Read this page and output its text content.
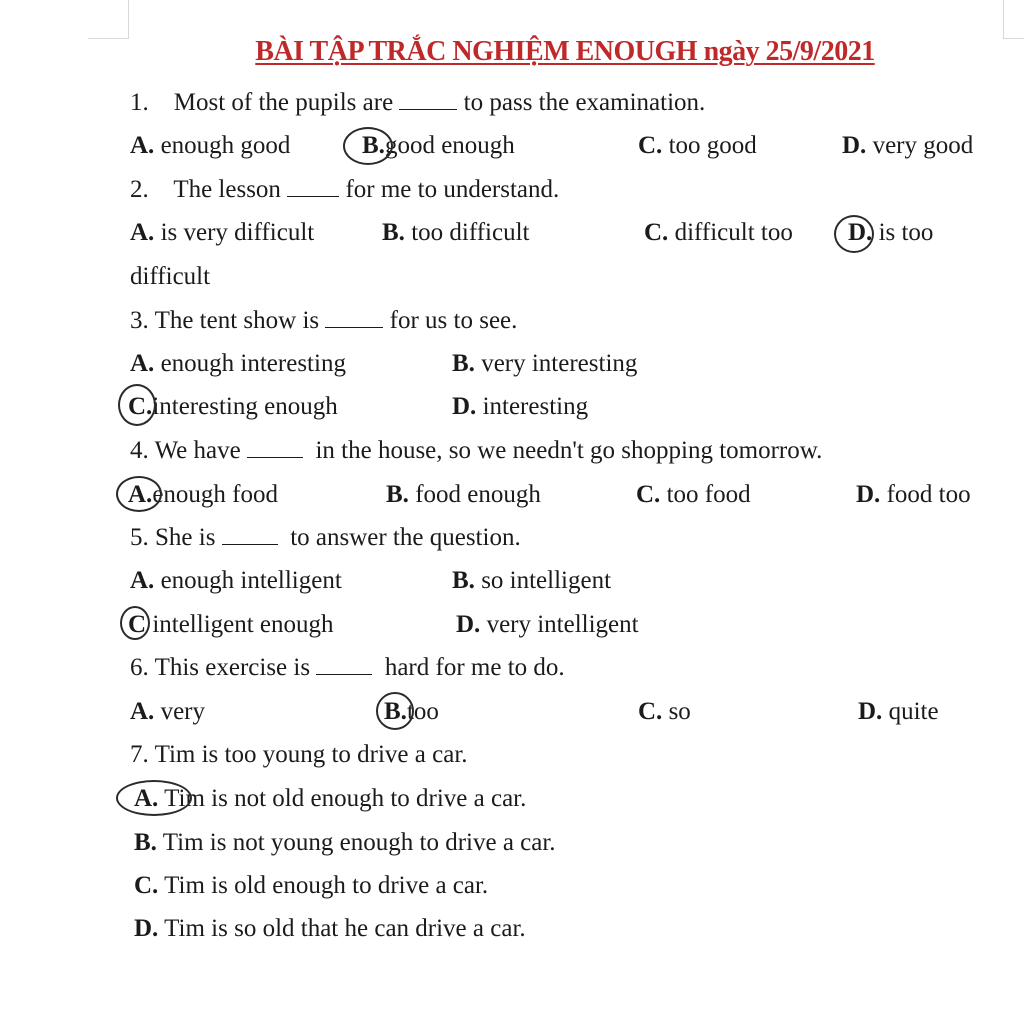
BÀI TẬP TRẮC NGHIỆM ENOUGH ngày 25/9/2021
1. Most of the pupils are	to pass the examination.
A. enough good	B.good enough	C. too good	D. very good
2. The lesson	for me to understand.
A. is very difficult	B. too difficult	C. difficult too D. is too
difficult
3. The tent show is	for us to see.
A. enough interesting	B. very interesting
C.interesting enough	D. interesting
4. We have	in the house, so we needn't go shopping tomorrow.
A.enough food	B. food enough	C. too food	D. food too
5. She is	to answer the question.
A. enough intelligent	B. so intelligent
C intelligent enough	D. very intelligent
6. This exercise is	hard for me to do.
A. very	B.too	C. so	D. quite
7. Tim is too young to drive a car.
A. Tim is not old enough to drive a car.
B. Tim is not young enough to drive a car.
C. Tim is old enough to drive a car.
D. Tim is so old that he can drive a car.
